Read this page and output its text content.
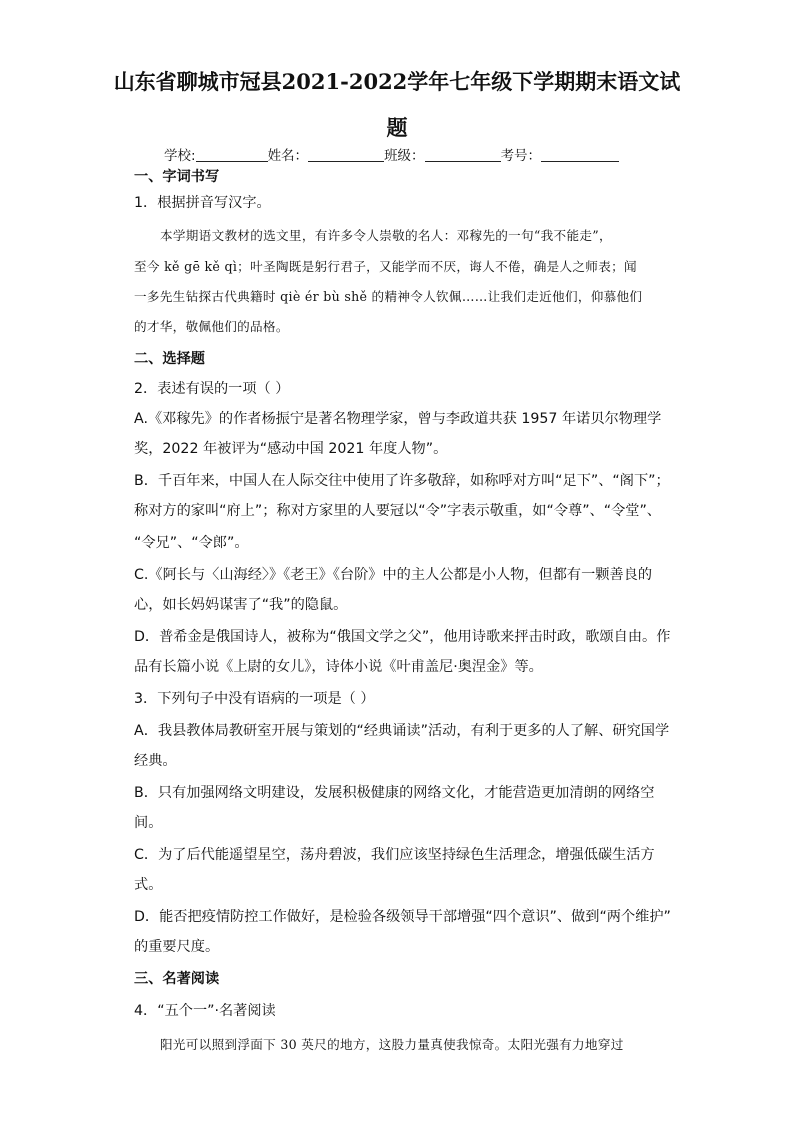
山东省聊城市冠县2021-2022学年七年级下学期期末语文试
题
学校:	姓名：	班级：	考号：
一、字词书写
1．根据拼音写汉字。
本学期语文教材的选文里，有许多令人崇敬的名人：邓稼先的一句“我不能走”，
至今 kě gē kě qì；叶圣陶既是躬行君子，又能学而不厌，诲人不倦，确是人之师表；闻
一多先生钻探古代典籍时 qiè ér bù shě 的精神令人钦佩……让我们走近他们，仰慕他们
的才华，敬佩他们的品格。
二、选择题
2．表述有误的一项（ ）
A.《邓稼先》的作者杨振宁是著名物理学家，曾与李政道共获 1957 年诺贝尔物理学
奖，2022 年被评为“感动中国 2021 年度人物”。
B．千百年来，中国人在人际交往中使用了许多敬辞，如称呼对方叫“足下”、“阁下”；
称对方的家叫“府上”；称对方家里的人要冠以“令”字表示敬重，如“令尊”、“令堂”、
“令兄”、“令郎”。
C.《阿长与〈山海经〉》《老王》《台阶》中的主人公都是小人物，但都有一颗善良的
心，如长妈妈谋害了“我”的隐鼠。
D．普希金是俄国诗人，被称为“俄国文学之父”，他用诗歌来抨击时政，歌颂自由。作
品有长篇小说《上尉的女儿》，诗体小说《叶甫盖尼·奥涅金》等。
3．下列句子中没有语病的一项是（ ）
A．我县教体局教研室开展与策划的“经典诵读”活动，有利于更多的人了解、研究国学
经典。
B．只有加强网络文明建设，发展积极健康的网络文化，才能营造更加清朗的网络空
间。
C．为了后代能遥望星空，荡舟碧波，我们应该坚持绿色生活理念，增强低碳生活方
式。
D．能否把疫情防控工作做好，是检验各级领导干部增强“四个意识”、做到“两个维护”
的重要尺度。
三、名著阅读
4．“五个一”·名著阅读
阳光可以照到浮面下 30 英尺的地方，这股力量真使我惊奇。太阳光强有力地穿过
